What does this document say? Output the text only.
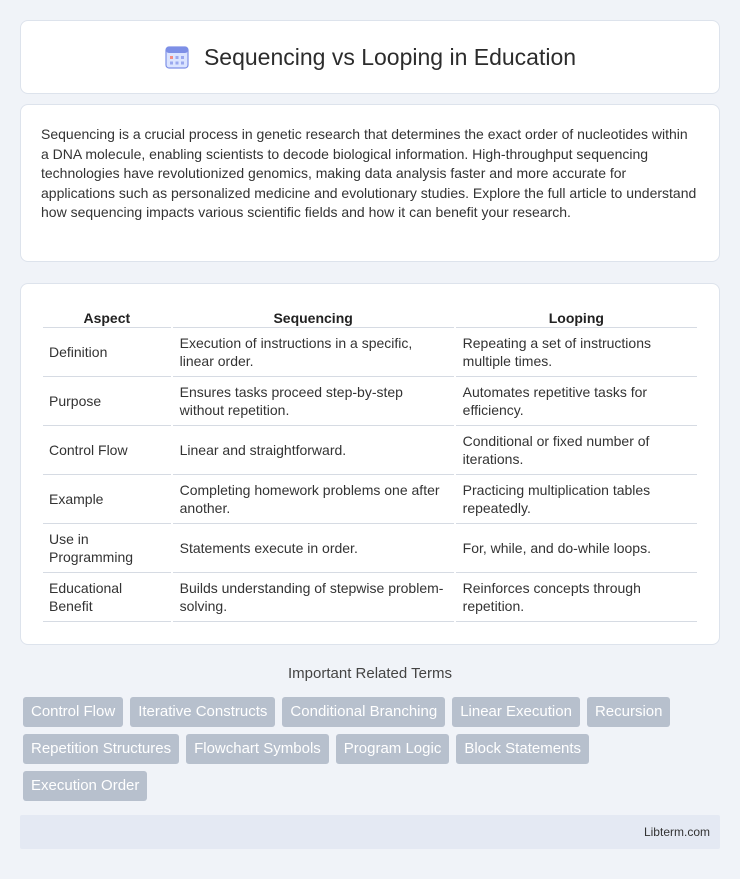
Sequencing vs Looping in Education

Sequencing is a crucial process in genetic research that determines the exact order of nucleotides within a DNA molecule, enabling scientists to decode biological information. High-throughput sequencing technologies have revolutionized genomics, making data analysis faster and more accurate for applications such as personalized medicine and evolutionary studies. Explore the full article to understand how sequencing impacts various scientific fields and how it can benefit your research.

Aspect	Sequencing	Looping
Definition	Execution of instructions in a specific, linear order.	Repeating a set of instructions multiple times.
Purpose	Ensures tasks proceed step-by-step without repetition.	Automates repetitive tasks for efficiency.
Control Flow	Linear and straightforward.	Conditional or fixed number of iterations.
Example	Completing homework problems one after another.	Practicing multiplication tables repeatedly.
Use in Programming	Statements execute in order.	For, while, and do-while loops.
Educational Benefit	Builds understanding of stepwise problem-solving.	Reinforces concepts through repetition.
Important Related Terms
Control Flow	Iterative Constructs	Conditional Branching	Linear Execution	Recursion
Repetition Structures	Flowchart Symbols	Program Logic	Block Statements
Execution Order
Libterm.com
